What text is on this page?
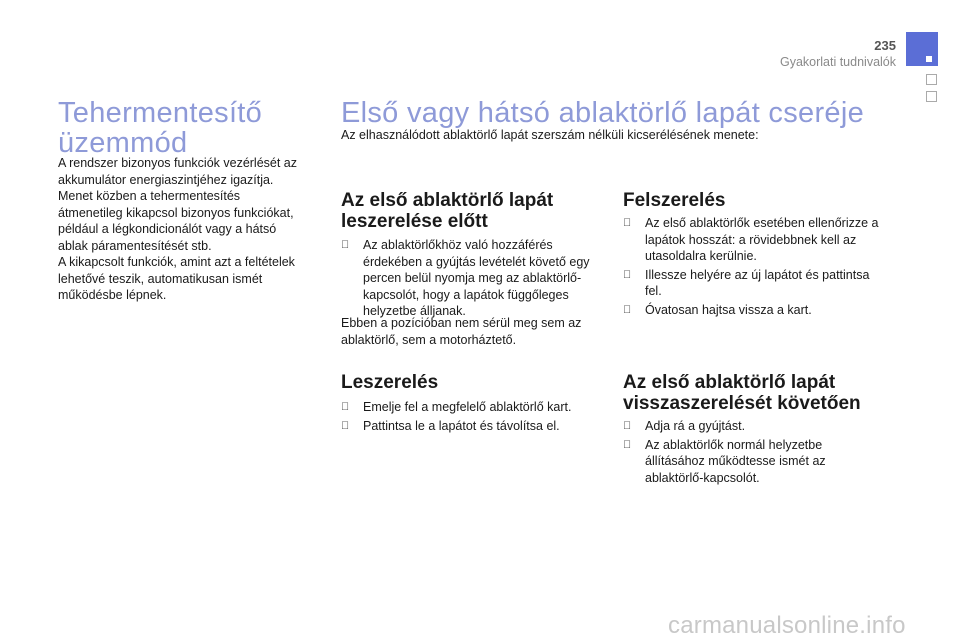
235
Gyakorlati tudnivalók
Tehermentesítő üzemmód
A rendszer bizonyos funkciók vezérlését az akkumulátor energiaszintjéhez igazítja.
Menet közben a tehermentesítés átmenetileg kikapcsol bizonyos funkciókat, például a légkondicionálót vagy a hátsó ablak páramentesítését stb.
A kikapcsolt funkciók, amint azt a feltételek lehetővé teszik, automatikusan ismét működésbe lépnek.
Első vagy hátsó ablaktörlő lapát cseréje
Az elhasználódott ablaktörlő lapát szerszám nélküli kicserélésének menete:
Az első ablaktörlő lapát leszerelése előtt
Az ablaktörlőkhöz való hozzáférés érdekében a gyújtás levételét követő egy percen belül nyomja meg az ablaktörlő-kapcsolót, hogy a lapátok függőleges helyzetbe álljanak.
Ebben a pozícióban nem sérül meg sem az ablaktörlő, sem a motorháztető.
Leszerelés
Emelje fel a megfelelő ablaktörlő kart.
Pattintsa le a lapátot és távolítsa el.
Felszerelés
Az első ablaktörlők esetében ellenőrizze a lapátok hosszát: a rövidebbnek kell az utasoldalra kerülnie.
Illessze helyére az új lapátot és pattintsa fel.
Óvatosan hajtsa vissza a kart.
Az első ablaktörlő lapát visszaszerelését követően
Adja rá a gyújtást.
Az ablaktörlők normál helyzetbe állításához működtesse ismét az ablaktörlő-kapcsolót.
carmanualsonline.info
